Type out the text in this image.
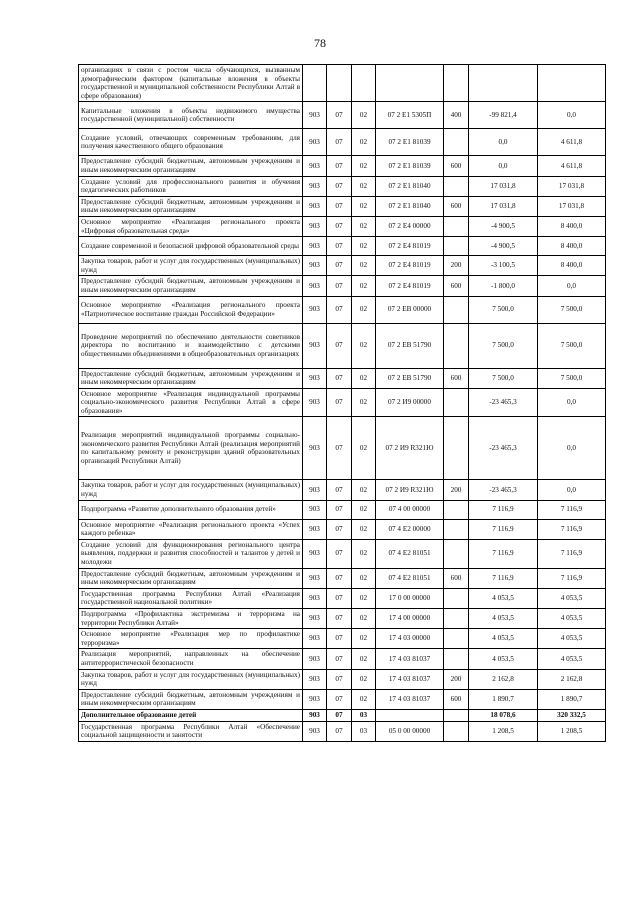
78
организациях в связи с ростом числа обучающихся, вызванным демографическим фактором (капитальные вложения в объекты государственной и муниципальной собственности Республики Алтай в сфере образования)							
Капитальные вложения в объекты недвижимого имущества государственной (муниципальной) собственности	903	07	02	07 2 E1 5305П	400	-99 821,4	0,0
Создание условий, отвечающих современным требованиям, для получения качественного общего образования	903	07	02	07 2 E1 81039		0,0	4 611,8
Предоставление субсидий бюджетным, автономным учреждениям и иным некоммерческим организациям	903	07	02	07 2 E1 81039	600	0,0	4 611,8
Создание условий для профессионального развития и обучения педагогических работников	903	07	02	07 2 E1 81040		17 031,8	17 031,8
Предоставление субсидий бюджетным, автономным учреждениям и иным некоммерческим организациям	903	07	02	07 2 E1 81040	600	17 031,8	17 031,8
Основное мероприятие «Реализация регионального проекта «Цифровая образовательная среда»	903	07	02	07 2 E4 00000		-4 900,5	8 400,0
Создание современной и безопасной цифровой образовательной среды	903	07	02	07 2 E4 81019		-4 900,5	8 400,0
Закупка товаров, работ и услуг для государственных (муниципальных) нужд	903	07	02	07 2 E4 81019	200	-3 100,5	8 400,0
Предоставление субсидий бюджетным, автономным учреждениям и иным некоммерческим организациям	903	07	02	07 2 E4 81019	600	-1 800,0	0,0
Основное мероприятие «Реализация регионального проекта «Патриотическое воспитание граждан Российской Федерации»	903	07	02	07 2 EB 00000		7 500,0	7 500,0
Проведение мероприятий по обеспечению деятельности советников директора по воспитанию и взаимодействию с детскими общественными объединениями в общеобразовательных организациях	903	07	02	07 2 EB 51790		7 500,0	7 500,0
Предоставление субсидий бюджетным, автономным учреждениям и иным некоммерческим организациям	903	07	02	07 2 EB 51790	600	7 500,0	7 500,0
Основное мероприятие «Реализация индивидуальной программы социально-экономического развития Республики Алтай в сфере образования»	903	07	02	07 2 И9 00000		-23 465,3	0,0
Реализация мероприятий индивидуальной программы социально-экономического развития Республики Алтай (реализация мероприятий по капитальному ремонту и реконструкции зданий образовательных организаций Республики Алтай)	903	07	02	07 2 И9 R321Ю		-23 465,3	0,0
Закупка товаров, работ и услуг для государственных (муниципальных) нужд	903	07	02	07 2 И9 R321Ю	200	-23 465,3	0,0
Подпрограмма «Развитие дополнительного образования детей»	903	07	02	07 4 00 00000		7 116,9	7 116,9
Основное мероприятие «Реализация регионального проекта «Успех каждого ребенка»	903	07	02	07 4 E2 00000		7 116,9	7 116,9
Создание условий для функционирования регионального центра выявления, поддержки и развития способностей и талантов у детей и молодежи	903	07	02	07 4 E2 81051		7 116,9	7 116,9
Предоставление субсидий бюджетным, автономным учреждениям и иным некоммерческим организациям	903	07	02	07 4 E2 81051	600	7 116,9	7 116,9
Государственная программа Республики Алтай «Реализация государственной национальной политики»	903	07	02	17 0 00 00000		4 053,5	4 053,5
Подпрограмма «Профилактика экстремизма и терроризма на территории Республики Алтай»	903	07	02	17 4 00 00000		4 053,5	4 053,5
Основное мероприятие «Реализация мер по профилактике терроризма»	903	07	02	17 4 03 00000		4 053,5	4 053,5
Реализация мероприятий, направленных на обеспечение антитеррористической безопасности	903	07	02	17 4 03 81037		4 053,5	4 053,5
Закупка товаров, работ и услуг для государственных (муниципальных) нужд	903	07	02	17 4 03 81037	200	2 162,8	2 162,8
Предоставление субсидий бюджетным, автономным учреждениям и иным некоммерческим организациям	903	07	02	17 4 03 81037	600	1 890,7	1 890,7
Дополнительное образование детей	903	07	03			18 078,6	320 332,5
Государственная программа Республики Алтай «Обеспечение социальной защищенности и занятости	903	07	03	05 0 00 00000		1 208,5	1 208,5
